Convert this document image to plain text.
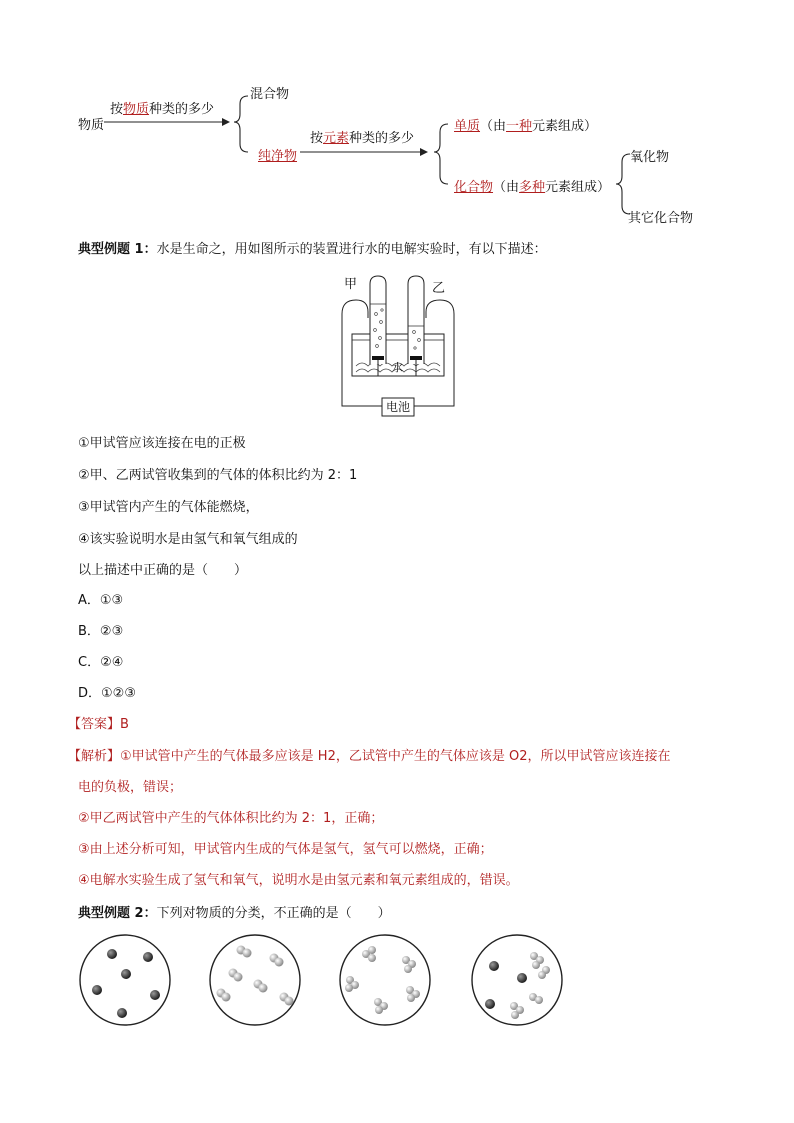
物质
按物质种类的多少
混合物
纯净物
按元素种类的多少
单质（由一种元素组成）
化合物（由多种元素组成）
氧化物
其它化合物
典型例题 1：水是生命之，用如图所示的装置进行水的电解实验时，有以下描述：
甲	乙
水
电池
①甲试管应该连接在电的正极
②甲、乙两试管收集到的气体的体积比约为 2：1
③甲试管内产生的气体能燃烧，
④该实验说明水是由氢气和氧气组成的
以上描述中正确的是（　　）
A．①③
B．②③
C．②④
D．①②③
【答案】B
【解析】①甲试管中产生的气体最多应该是 H2，乙试管中产生的气体应该是 O2，所以甲试管应该连接在
电的负极，错误；
②甲乙两试管中产生的气体体积比约为 2：1，正确；
③由上述分析可知，甲试管内生成的气体是氢气，氢气可以燃烧，正确；
④电解水实验生成了氢气和氧气，说明水是由氢元素和氧元素组成的，错误。
典型例题 2：下列对物质的分类，不正确的是（　　）
